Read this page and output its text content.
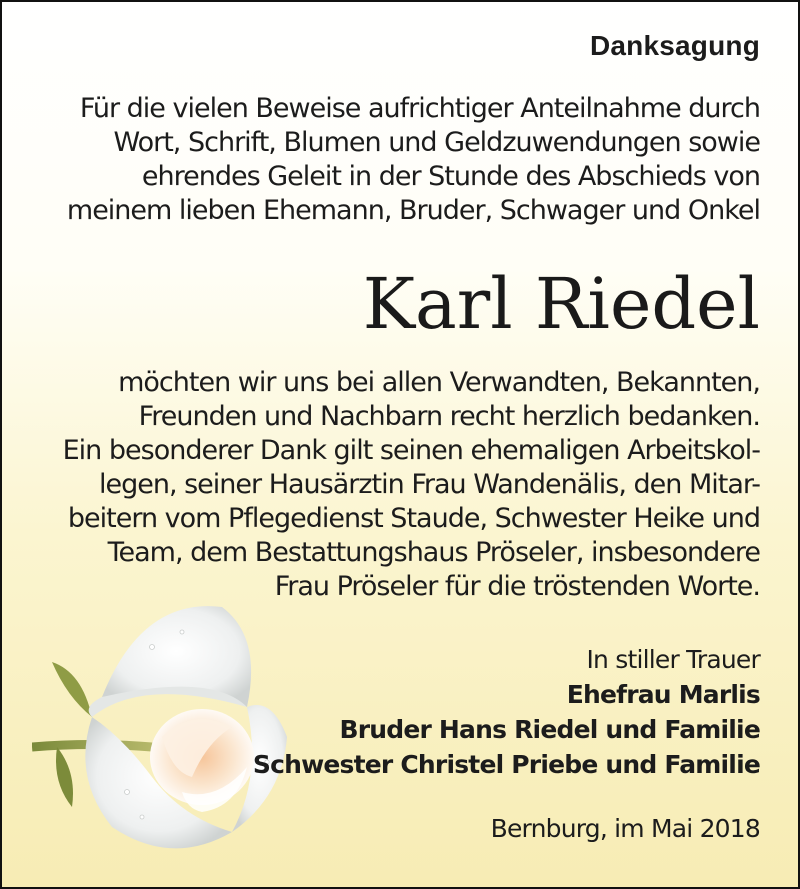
Danksagung
Für die vielen Beweise aufrichtiger Anteilnahme durch
Wort, Schrift, Blumen und Geldzuwendungen sowie
ehrendes Geleit in der Stunde des Abschieds von
meinem lieben Ehemann, Bruder, Schwager und Onkel
Karl Riedel
möchten wir uns bei allen Verwandten, Bekannten,
Freunden und Nachbarn recht herzlich bedanken.
Ein besonderer Dank gilt seinen ehemaligen Arbeitskol-
legen, seiner Hausärztin Frau Wandenälis, den Mitar-
beitern vom Pflegedienst Staude, Schwester Heike und
Team, dem Bestattungshaus Pröseler, insbesondere
Frau Pröseler für die tröstenden Worte.
In stiller Trauer
Ehefrau Marlis
Bruder Hans Riedel und Familie
Schwester Christel Priebe und Familie
Bernburg, im Mai 2018
